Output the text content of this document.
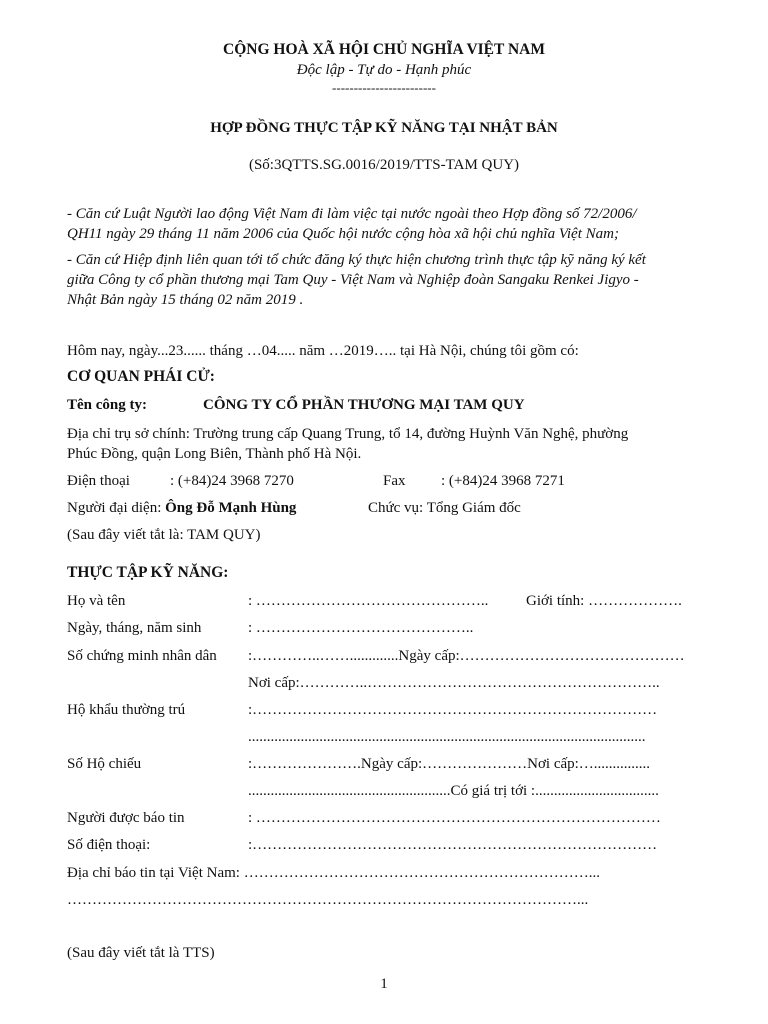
CỘNG HOÀ XÃ HỘI CHỦ NGHĨA VIỆT NAM
Độc lập - Tự do - Hạnh phúc
------------------------
HỢP ĐỒNG THỰC TẬP KỸ NĂNG TẠI NHẬT BẢN
(Số:3QTTS.SG.0016/2019/TTS-TAM QUY)
- Căn cứ Luật Người lao động Việt Nam đi làm việc tại nước ngoài theo Hợp đồng số 72/2006/
QH11 ngày 29 tháng 11 năm 2006 của Quốc hội nước cộng hòa xã hội chủ nghĩa Việt Nam;
- Căn cứ Hiệp định liên quan tới tổ chức đăng ký thực hiện chương trình thực tập kỹ năng ký kết
giữa Công ty cổ phần thương mại Tam Quy - Việt Nam và Nghiệp đoàn Sangaku Renkei Jigyo -
Nhật Bản ngày 15 tháng 02 năm 2019 .
Hôm nay, ngày...23...... tháng …04..... năm …2019….. tại Hà Nội, chúng tôi gồm có:
CƠ QUAN PHÁI CỬ:
Tên công ty:	CÔNG TY CỔ PHẦN THƯƠNG MẠI TAM QUY
Địa chỉ trụ sở chính: Trường trung cấp Quang Trung, tổ 14, đường Huỳnh Văn Nghệ, phường
Phúc Đồng, quận Long Biên, Thành phố Hà Nội.
Điện thoại	: (+84)24 3968 7270	Fax : (+84)24 3968 7271
Người đại diện: Ông Đỗ Mạnh Hùng	Chức vụ: Tổng Giám đốc
(Sau đây viết tắt là: TAM QUY)
THỰC TẬP KỸ NĂNG:
Họ và tên	: ………………………………………..	Giới tính: ……………….
Ngày, tháng, năm sinh	: ……………………………………..
Số chứng minh nhân dân :…………..…….............Ngày cấp:………………………………………
Nơi cấp:…………..…………………………………………………..
Hộ khẩu thường trú	:………………………………………………………………………
..........................................................................................................
Số Hộ chiếu	:………………….Ngày cấp:…………………Nơi cấp:…...............
......................................................Có giá trị tới :.................................
Người được báo tin	: ………………………………………………………………………
Số điện thoại:	:………………………………………………………………………
Địa chỉ báo tin tại Việt Nam: ……………………………………………………………...
…………………………………………………………………………………………...
(Sau đây viết tắt là TTS)
1
